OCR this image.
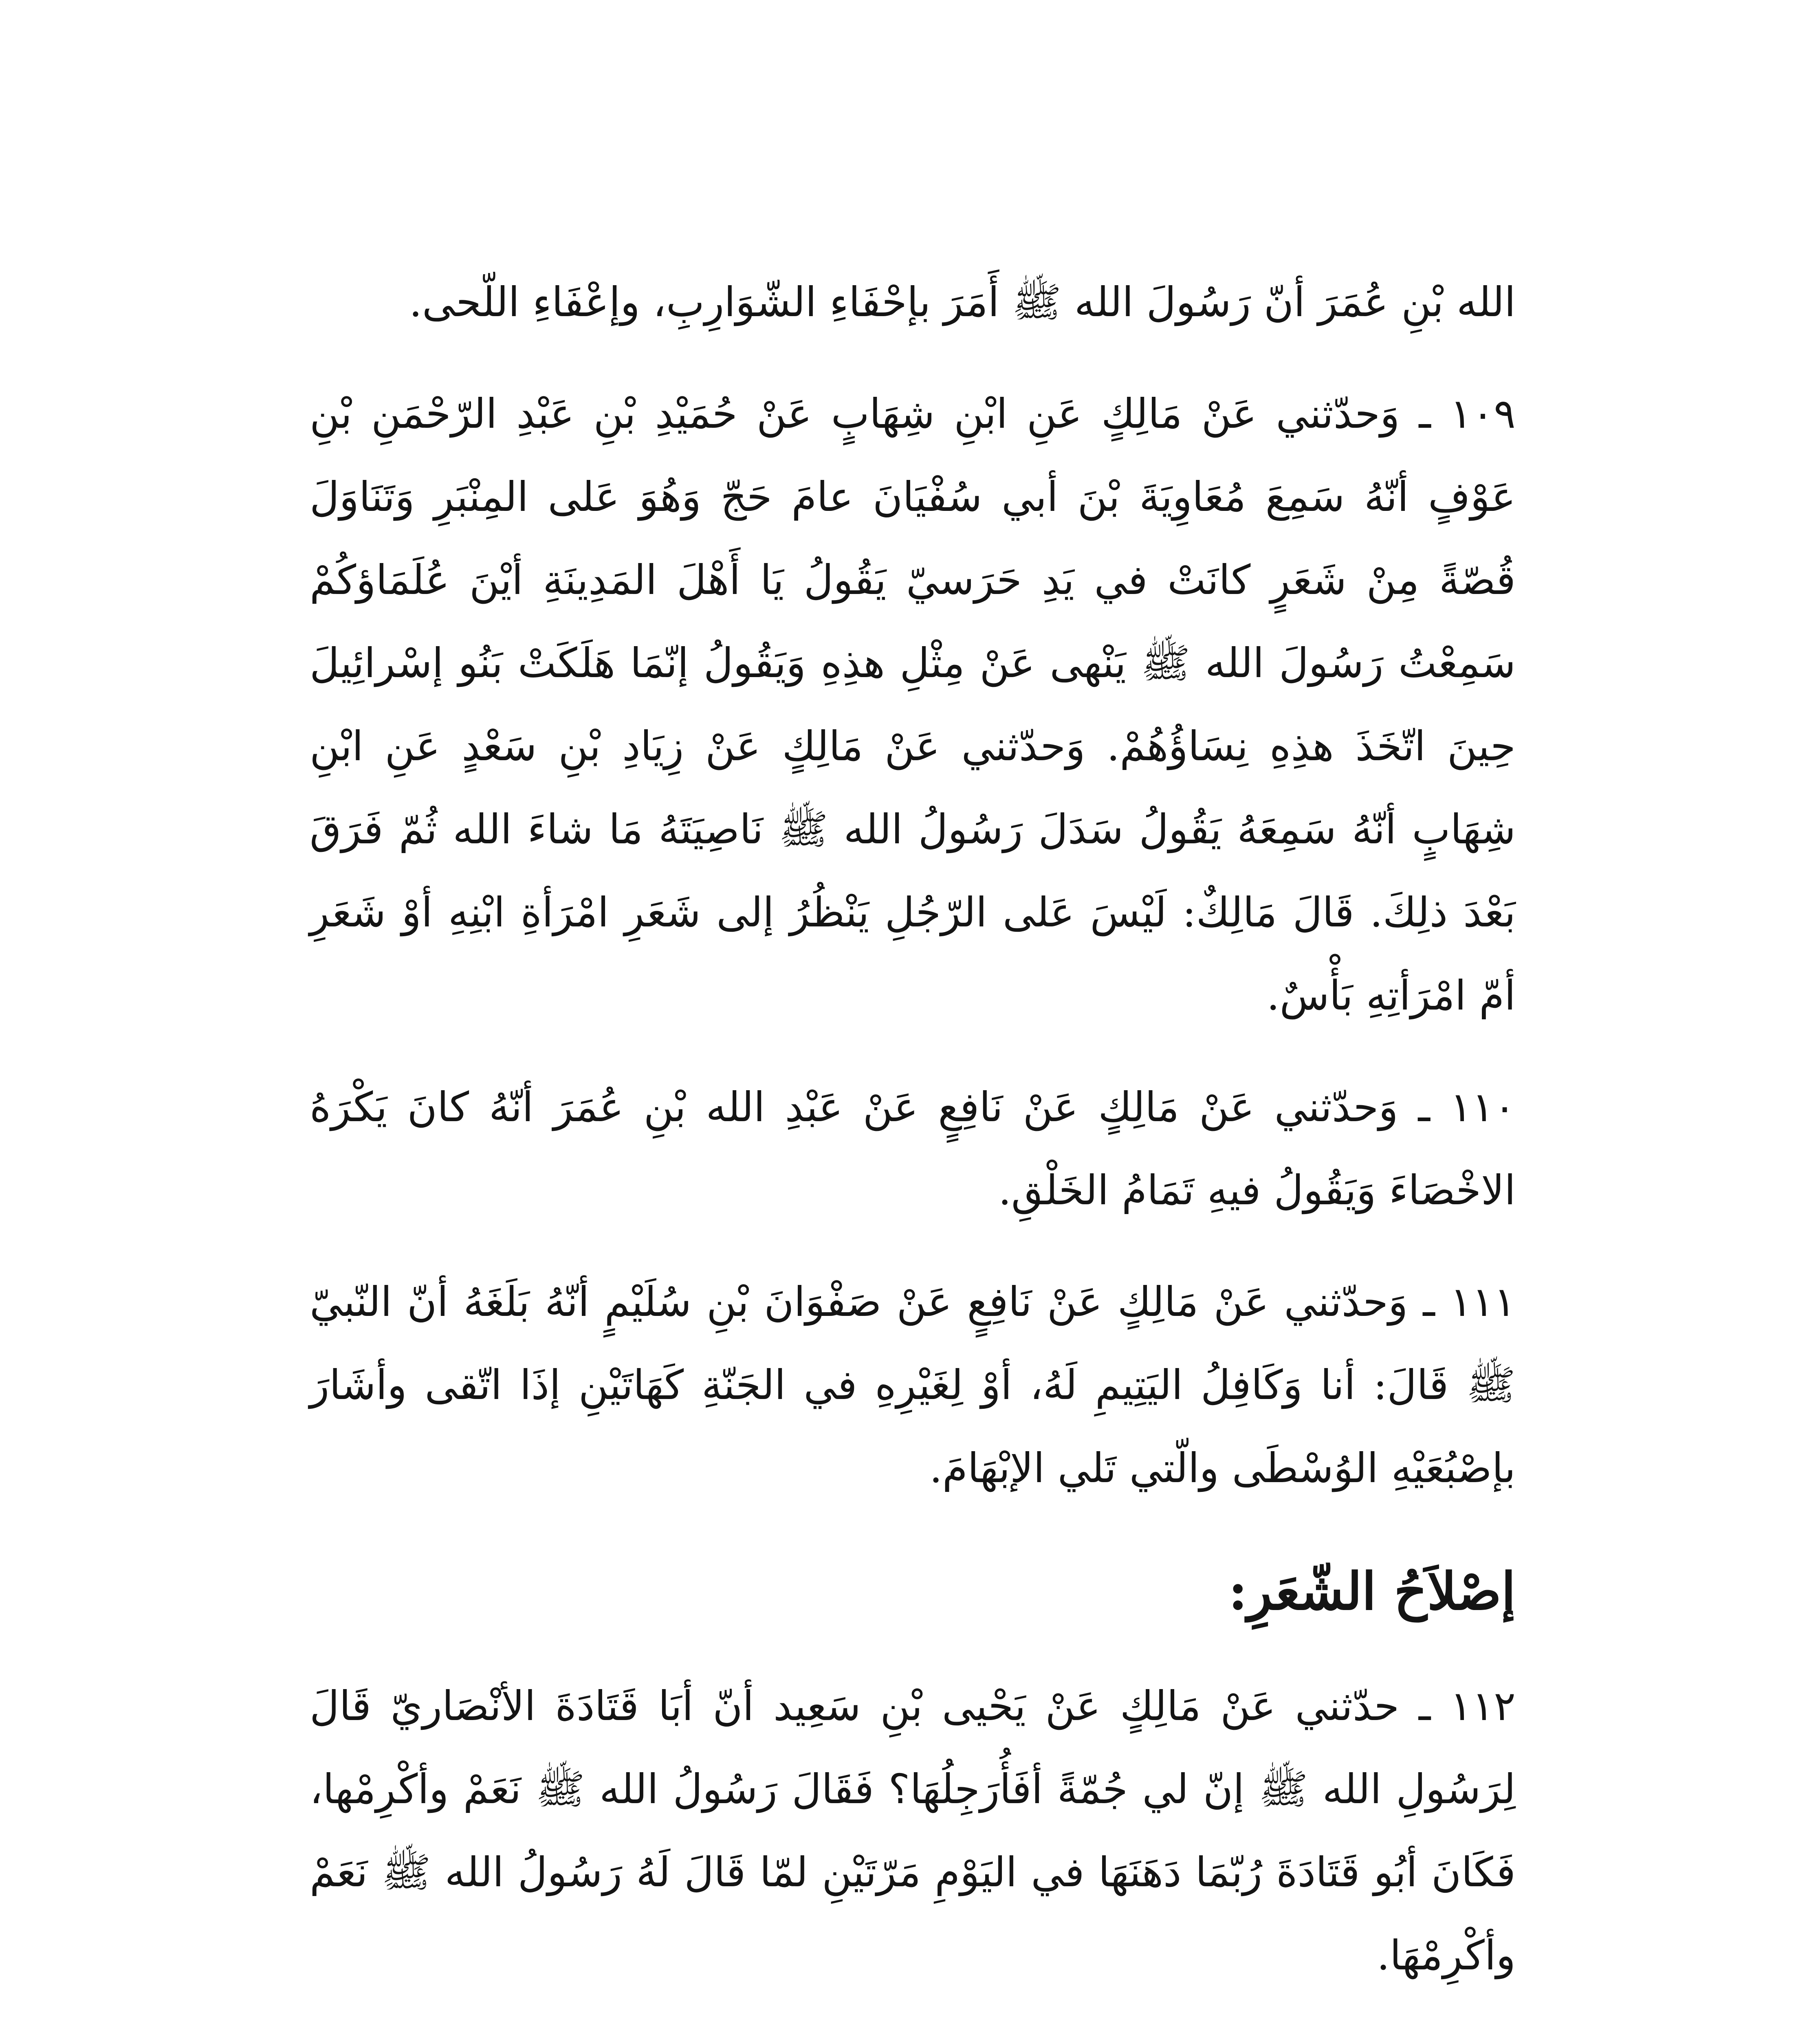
الله بْنِ عُمَرَ أنّ رَسُولَ الله ﷺ أَمَرَ بإحْفَاءِ الشّوَارِبِ، وإعْفَاءِ اللّحى.

١٠٩ ـ وَحدّثني عَنْ مَالِكٍ عَنِ ابْنِ شِهَابٍ عَنْ حُمَيْدِ بْنِ عَبْدِ الرّحْمَنِ بْنِ عَوْفٍ أنّهُ سَمِعَ مُعَاوِيَةَ بْنَ أبي سُفْيَانَ عامَ حَجّ وَهُوَ عَلى المِنْبَرِ وَتَنَاوَلَ قُصّةً مِنْ شَعَرٍ كانَتْ في يَدِ حَرَسيّ يَقُولُ يَا أَهْلَ المَدِينَةِ أيْنَ عُلَمَاؤكُمْ سَمِعْتُ رَسُولَ الله ﷺ يَنْهى عَنْ مِثْلِ هذِهِ وَيَقُولُ إنّمَا هَلَكَتْ بَنُو إسْرائِيلَ حِينَ اتّخَذَ هذِهِ نِسَاؤُهُمْ. وَحدّثني عَنْ مَالِكٍ عَنْ زِيَادِ بْنِ سَعْدٍ عَنِ ابْنِ شِهَابٍ أنّهُ سَمِعَهُ يَقُولُ سَدَلَ رَسُولُ الله ﷺ نَاصِيَتَهُ مَا شاءَ الله ثُمّ فَرَقَ بَعْدَ ذلِكَ. قَالَ مَالِكٌ: لَيْسَ عَلى الرّجُلِ يَنْظُرُ إلى شَعَرِ امْرَأةِ ابْنِهِ أوْ شَعَرِ أمّ امْرَأتِهِ بَأْسٌ.

١١٠ ـ وَحدّثني عَنْ مَالِكٍ عَنْ نَافِعٍ عَنْ عَبْدِ الله بْنِ عُمَرَ أنّهُ كانَ يَكْرَهُ الاخْصَاءَ وَيَقُولُ فيهِ تَمَامُ الخَلْقِ.

١١١ ـ وَحدّثني عَنْ مَالِكٍ عَنْ نَافِعٍ عَنْ صَفْوَانَ بْنِ سُلَيْمٍ أنّهُ بَلَغَهُ أنّ النّبيّ ﷺ قَالَ: أنا وَكَافِلُ اليَتِيمِ لَهُ، أوْ لِغَيْرِهِ في الجَنّةِ كَهَاتَيْنِ إذَا اتّقى وأشَارَ بإصْبُعَيْهِ الوُسْطَى والّتي تَلي الإبْهَامَ.

إصْلاَحُ الشّعَرِ:

١١٢ ـ حدّثني عَنْ مَالِكٍ عَنْ يَحْيى بْنِ سَعِيد أنّ أبَا قَتَادَةَ الأنْصَاريّ قَالَ لِرَسُولِ الله ﷺ إنّ لي جُمّةً أفَأُرَجِلُهَا؟ فَقَالَ رَسُولُ الله ﷺ نَعَمْ وأكْرِمْها، فَكَانَ أبُو قَتَادَةَ رُبّمَا دَهَنَهَا في اليَوْمِ مَرّتَيْنِ لمّا قَالَ لَهُ رَسُولُ الله ﷺ نَعَمْ وأكْرِمْهَا.
